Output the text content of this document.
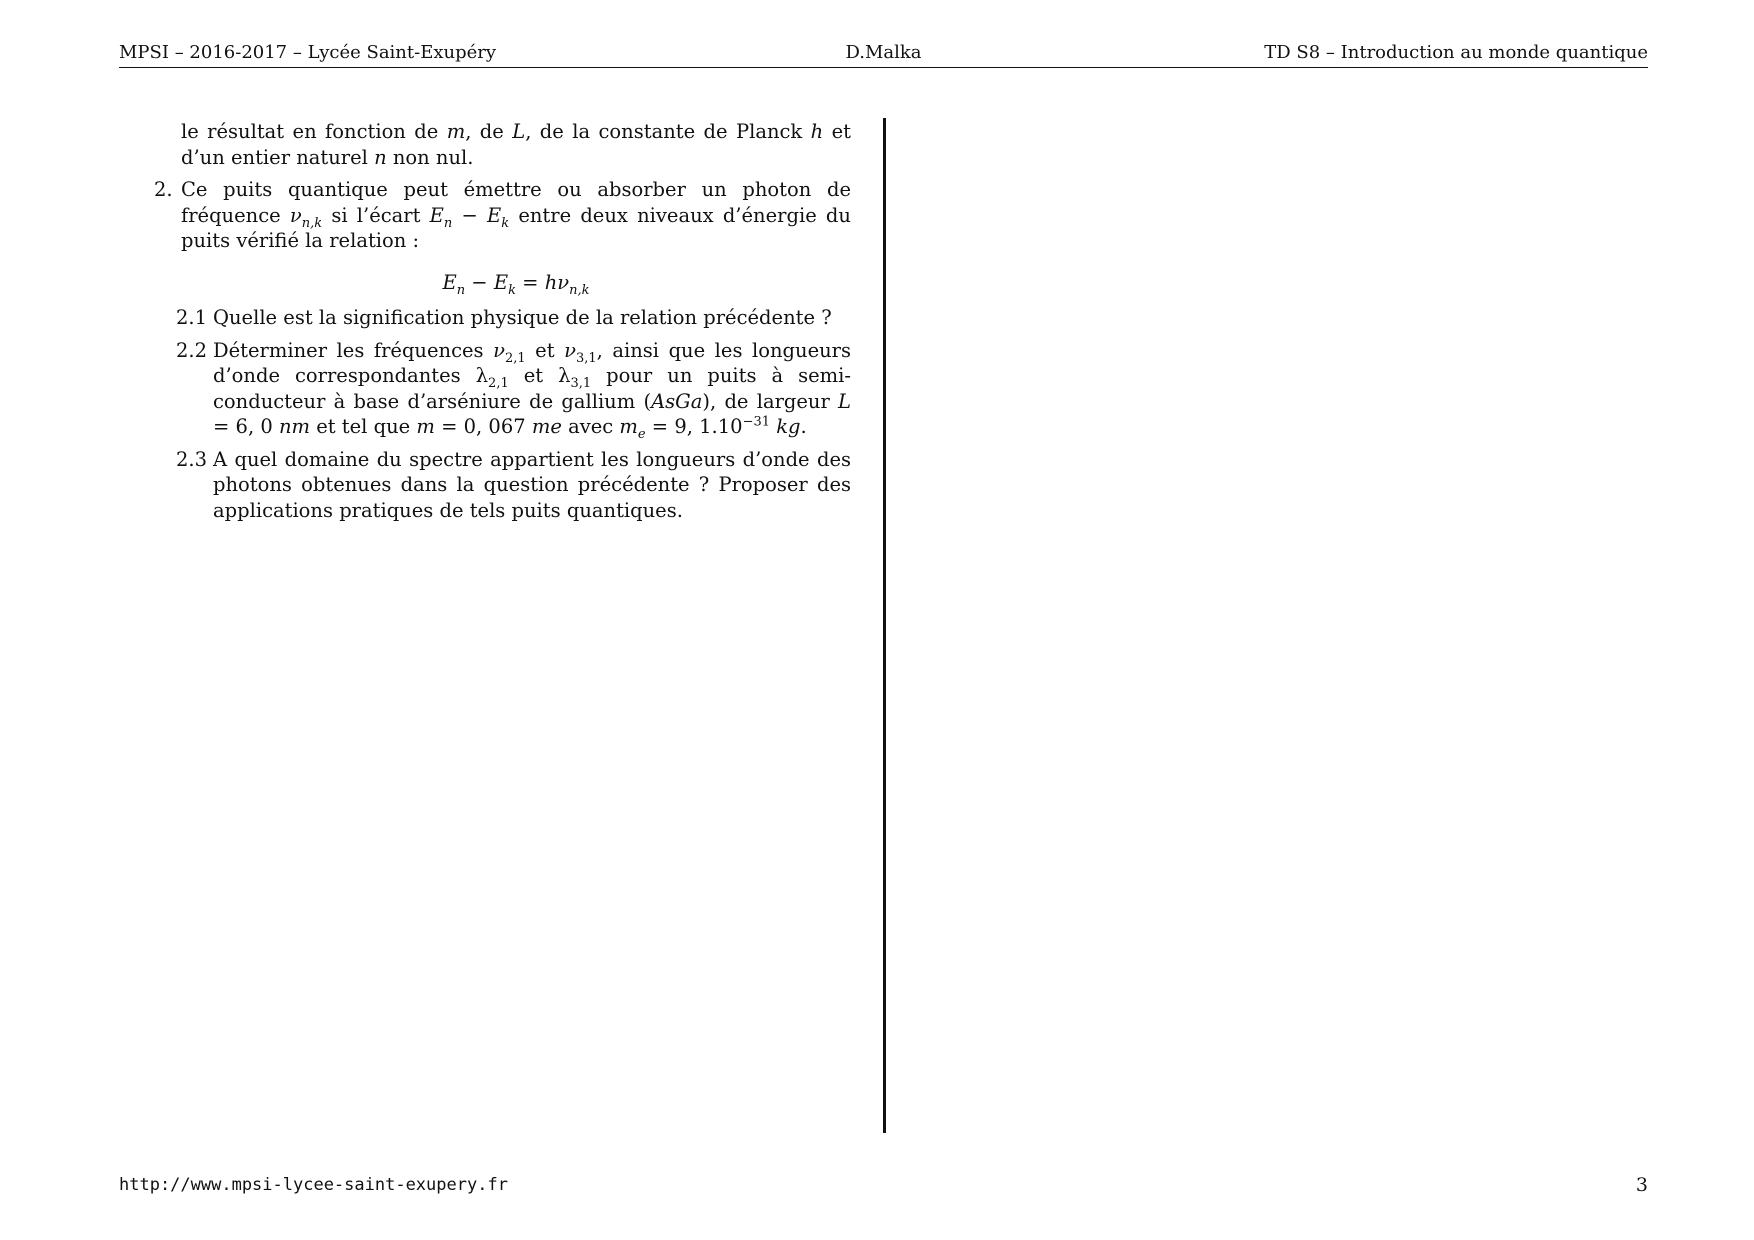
MPSI – 2016-2017 – Lycée Saint-Exupéry	D.Malka	TD S8 – Introduction au monde quantique

le résultat en fonction de m, de L, de la constante de Planck h et d’un entier naturel n non nul.

2. Ce puits quantique peut émettre ou absorber un photon de fréquence $\nu_{n,k}$ si l’écart $E_n - E_k$ entre deux niveaux d’énergie du puits vérifié la relation :
$E_n - E_k = h\nu_{n,k}$
2.1 Quelle est la signification physique de la relation précédente ?
2.2 Déterminer les fréquences $\nu_{2,1}$ et $\nu_{3,1}$, ainsi que les longueurs d’onde correspondantes $\lambda_{2,1}$ et $\lambda_{3,1}$ pour un puits à semi-conducteur à base d’arséniure de gallium (AsGa), de largeur L = 6, 0 nm et tel que m = 0, 067 me avec $m_e = 9$, $1.10^{-31}$ kg.
2.3 A quel domaine du spectre appartient les longueurs d’onde des photons obtenues dans la question précédente ? Proposer des applications pratiques de tels puits quantiques.
http://www.mpsi-lycee-saint-exupery.fr	3
